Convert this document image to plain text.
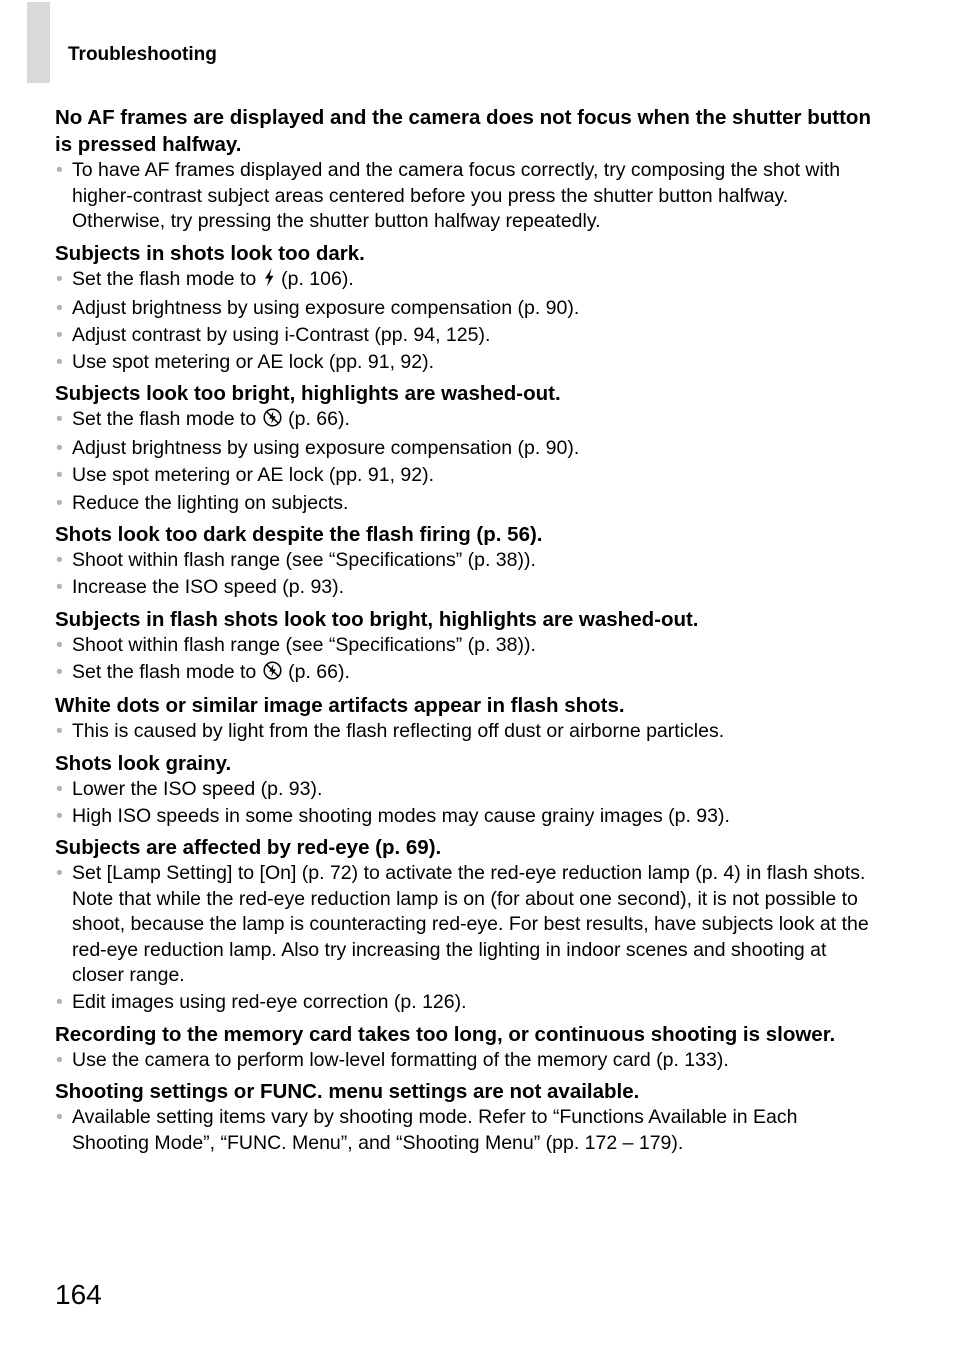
Troubleshooting

No AF frames are displayed and the camera does not focus when the shutter button is pressed halfway.

• To have AF frames displayed and the camera focus correctly, try composing the shot with higher-contrast subject areas centered before you press the shutter button halfway. Otherwise, try pressing the shutter button halfway repeatedly.

Subjects in shots look too dark.

• Set the flash mode to (p. 106).
• Adjust brightness by using exposure compensation (p. 90).
• Adjust contrast by using i-Contrast (pp. 94, 125).
• Use spot metering or AE lock (pp. 91, 92).

Subjects look too bright, highlights are washed-out.

• Set the flash mode to (p. 66).
• Adjust brightness by using exposure compensation (p. 90).
• Use spot metering or AE lock (pp. 91, 92).
• Reduce the lighting on subjects.

Shots look too dark despite the flash firing (p. 56).

• Shoot within flash range (see “Specifications” (p. 38)).
• Increase the ISO speed (p. 93).

Subjects in flash shots look too bright, highlights are washed-out.

• Shoot within flash range (see “Specifications” (p. 38)).
• Set the flash mode to (p. 66).

White dots or similar image artifacts appear in flash shots.

• This is caused by light from the flash reflecting off dust or airborne particles.

Shots look grainy.

• Lower the ISO speed (p. 93).
• High ISO speeds in some shooting modes may cause grainy images (p. 93).

Subjects are affected by red-eye (p. 69).

• Set [Lamp Setting] to [On] (p. 72) to activate the red-eye reduction lamp (p. 4) in flash shots. Note that while the red-eye reduction lamp is on (for about one second), it is not possible to shoot, because the lamp is counteracting red-eye. For best results, have subjects look at the red-eye reduction lamp. Also try increasing the lighting in indoor scenes and shooting at closer range.
• Edit images using red-eye correction (p. 126).

Recording to the memory card takes too long, or continuous shooting is slower.

• Use the camera to perform low-level formatting of the memory card (p. 133).

Shooting settings or FUNC. menu settings are not available.

• Available setting items vary by shooting mode. Refer to “Functions Available in Each Shooting Mode”, “FUNC. Menu”, and “Shooting Menu” (pp. 172 – 179).
164
